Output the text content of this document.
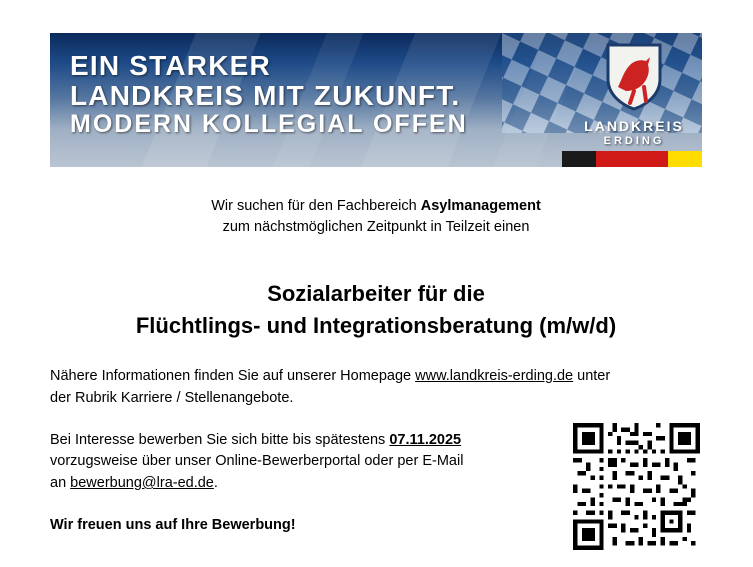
EIN STARKER
LANDKREIS MIT ZUKUNFT.
MODERN KOLLEGIAL OFFEN	LANDKREIS
ERDING
Wir suchen für den Fachbereich Asylmanagement
zum nächstmöglichen Zeitpunkt in Teilzeit einen
Sozialarbeiter für die
Flüchtlings- und Integrationsberatung (m/w/d)

Nähere Informationen finden Sie auf unserer Homepage www.landkreis-erding.de unter
der Rubrik Karriere / Stellenangebote.

Bei Interesse bewerben Sie sich bitte bis spätestens 07.11.2025
vorzugsweise über unser Online-Bewerberportal oder per E-Mail
an bewerbung@lra-ed.de.

Wir freuen uns auf Ihre Bewerbung!
